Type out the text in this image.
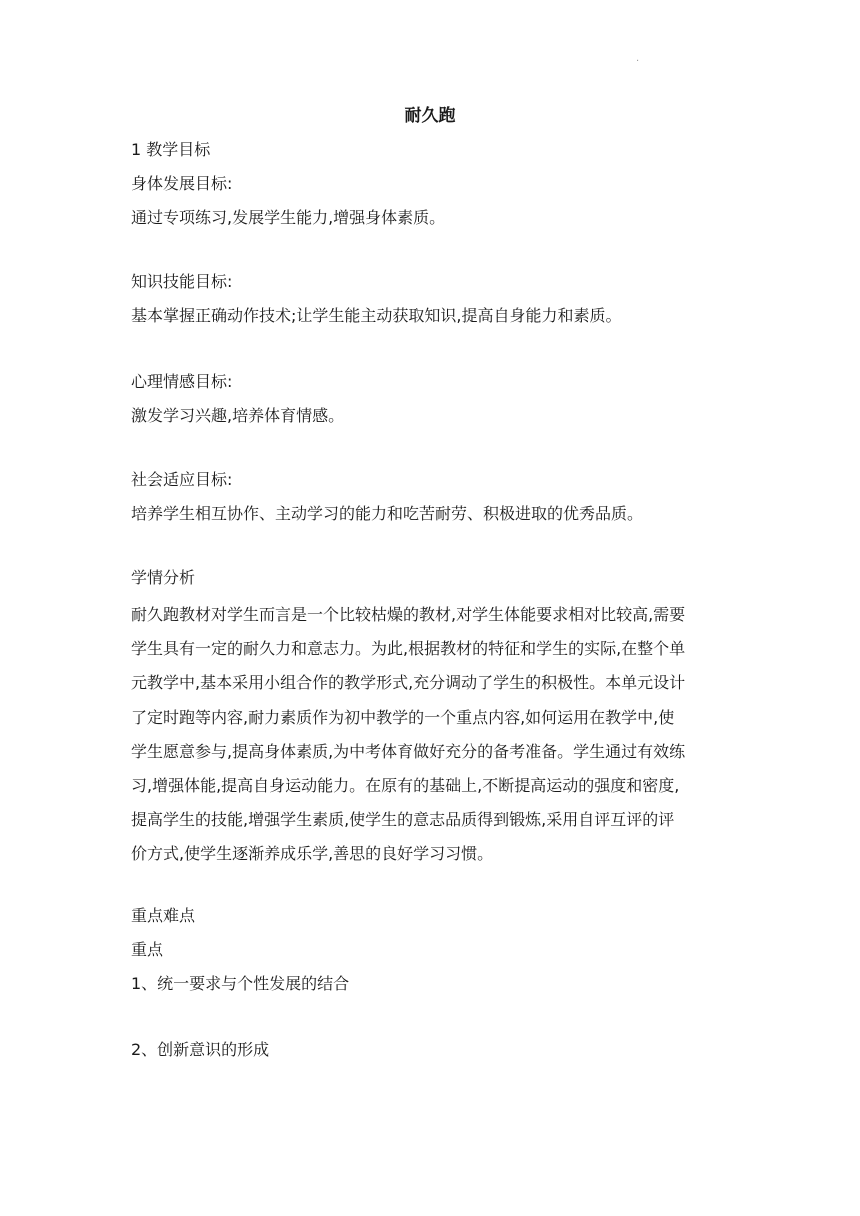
.
耐久跑
1 教学目标
身体发展目标:
通过专项练习,发展学生能力,增强身体素质。
知识技能目标:
基本掌握正确动作技术;让学生能主动获取知识,提高自身能力和素质。
心理情感目标:
激发学习兴趣,培养体育情感。
社会适应目标:
培养学生相互协作、主动学习的能力和吃苦耐劳、积极进取的优秀品质。
学情分析
耐久跑教材对学生而言是一个比较枯燥的教材,对学生体能要求相对比较高,需要
学生具有一定的耐久力和意志力。为此,根据教材的特征和学生的实际,在整个单
元教学中,基本采用小组合作的教学形式,充分调动了学生的积极性。本单元设计
了定时跑等内容,耐力素质作为初中教学的一个重点内容,如何运用在教学中,使
学生愿意参与,提高身体素质,为中考体育做好充分的备考准备。学生通过有效练
习,增强体能,提高自身运动能力。在原有的基础上,不断提高运动的强度和密度,
提高学生的技能,增强学生素质,使学生的意志品质得到锻炼,采用自评互评的评
价方式,使学生逐渐养成乐学,善思的良好学习习惯。
重点难点
重点
1、统一要求与个性发展的结合
2、创新意识的形成
